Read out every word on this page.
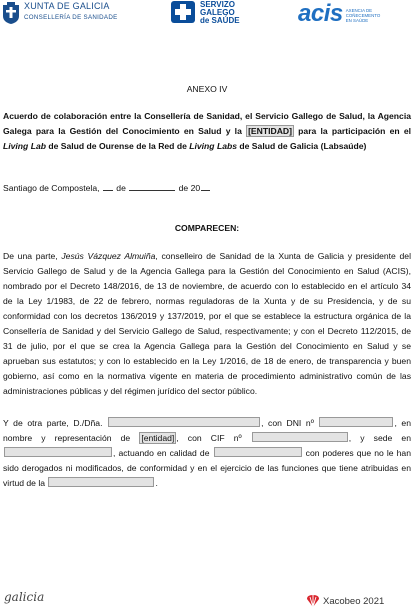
XUNTA DE GALICIA
CONSELLERÍA DE SANIDADE
SERVIZO
GALEGO
de SAÚDE acis AXENCIA DE
COÑECEMENTO
EN SAÚDE

ANEXO IV

Acuerdo de colaboración entre la Consellería de Sanidad, el Servicio Gallego de Salud, la Agencia Galega para la Gestión del Conocimiento en Salud y la [ENTIDAD] para la participación en el Living Lab de Salud de Ourense de la Red de Living Labs de Salud de Galicia (Labsaúde)

Santiago de Compostela, de	de 20

COMPARECEN:

De una parte, Jesús Vázquez Almuiña, conselleiro de Sanidad de la Xunta de Galicia y presidente del Servicio Gallego de Salud y de la Agencia Gallega para la Gestión del Conocimiento en Salud (ACIS), nombrado por el Decreto 148/2016, de 13 de noviembre, de acuerdo con lo establecido en el artículo 34 de la Ley 1/1983, de 22 de febrero, normas reguladoras de la Xunta y de su Presidencia, y de su conformidad con los decretos 136/2019 y 137/2019, por el que se establece la estructura orgánica de la Consellería de Sanidad y del Servicio Gallego de Salud, respectivamente; y con el Decreto 112/2015, de 31 de julio, por el que se crea la Agencia Gallega para la Gestión del Conocimiento en Salud y se aprueban sus estatutos; y con lo establecido en la Ley 1/2016, de 18 de enero, de transparencia y buen gobierno, así como en la normativa vigente en materia de procedimiento administrativo común de las administraciones públicas y del régimen jurídico del sector público.

Y de otra parte, D./Dña.	, con DNI nº	, en nombre y representación de [entidad] , con CIF nº	, y sede en , actuando en calidad de	con poderes que no le han sido derogados ni modificados, de conformidad y en el ejercicio de las funciones que tiene atribuidas en virtud de la	.

galicia	Xacobeo 2021
